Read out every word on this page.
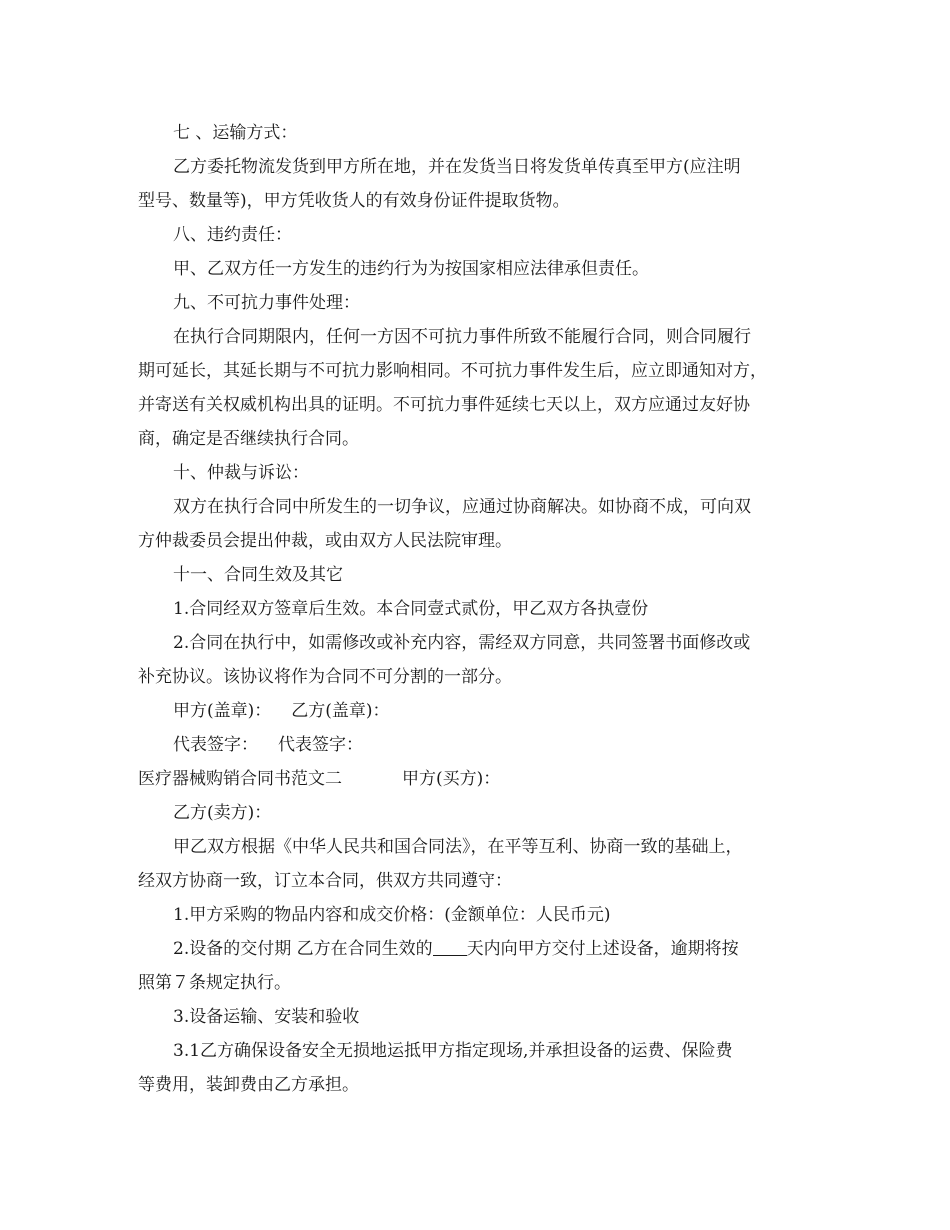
七 、运输方式：
乙方委托物流发货到甲方所在地，并在发货当日将发货单传真至甲方(应注明
型号、数量等)，甲方凭收货人的有效身份证件提取货物。
八、违约责任：
甲、乙双方任一方发生的违约行为为按国家相应法律承但责任。
九、不可抗力事件处理：
在执行合同期限内，任何一方因不可抗力事件所致不能履行合同，则合同履行
期可延长，其延长期与不可抗力影响相同。不可抗力事件发生后，应立即通知对方，
并寄送有关权威机构出具的证明。不可抗力事件延续七天以上，双方应通过友好协
商，确定是否继续执行合同。
十、仲裁与诉讼：
双方在执行合同中所发生的一切争议，应通过协商解决。如协商不成，可向双
方仲裁委员会提出仲裁，或由双方人民法院审理。
十一、合同生效及其它
1.合同经双方签章后生效。本合同壹式贰份，甲乙双方各执壹份
2.合同在执行中，如需修改或补充内容，需经双方同意，共同签署书面修改或
补充协议。该协议将作为合同不可分割的一部分。
甲方(盖章)： 乙方(盖章)：
代表签字： 代表签字：
医疗器械购销合同书范文二	甲方(买方)：
乙方(卖方)：
甲乙双方根据《中华人民共和国合同法》，在平等互利、协商一致的基础上，
经双方协商一致，订立本合同，供双方共同遵守：
1.甲方采购的物品内容和成交价格：(金额单位：人民币元)
2.设备的交付期 乙方在合同生效的 天内向甲方交付上述设备，逾期将按
照第７条规定执行。
3.设备运输、安装和验收
3.1乙方确保设备安全无损地运抵甲方指定现场,并承担设备的运费、保险费
等费用，装卸费由乙方承担。
